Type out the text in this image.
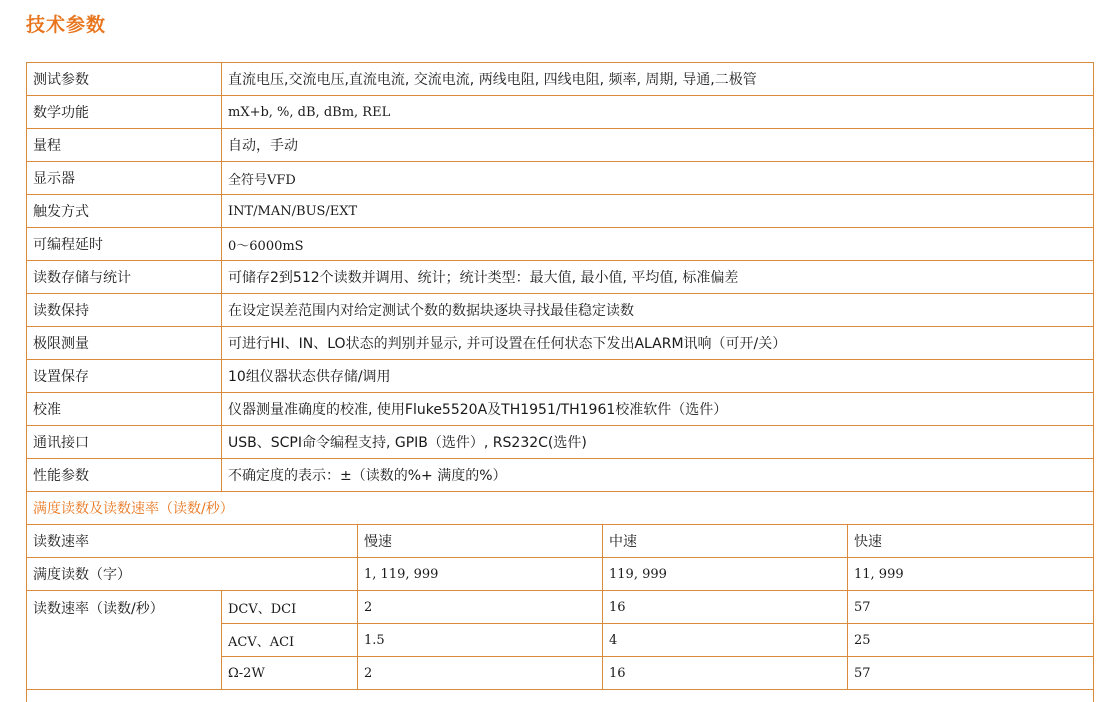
技术参数
测试参数	直流电压,交流电压,直流电流, 交流电流, 两线电阻, 四线电阻, 频率, 周期, 导通,二极管			
数学功能	mX+b, %, dB, dBm, REL			
量程	自动，手动			
显示器	全符号VFD			
触发方式	INT/MAN/BUS/EXT			
可编程延时	0～6000mS			
读数存储与统计	可储存2到512个读数并调用、统计；统计类型：最大值, 最小值, 平均值, 标准偏差			
读数保持	在设定误差范围内对给定测试个数的数据块逐块寻找最佳稳定读数			
极限测量	可进行HI、IN、LO状态的判别并显示, 并可设置在任何状态下发出ALARM讯响（可开/关）			
设置保存	10组仪器状态供存储/调用			
校准	仪器测量准确度的校准, 使用Fluke5520A及TH1951/TH1961校准软件（选件）			
通讯接口	USB、SCPI命令编程支持, GPIB（选件）, RS232C(选件)			
性能参数	不确定度的表示：±（读数的%+ 满度的%）			
满度读数及读数速率（读数/秒）				
读数速率		慢速	中速	快速
满度读数（字）		1, 119, 999	119, 999	11, 999
读数速率（读数/秒）	DCV、DCI	2	16	57
	ACV、ACI	1.5	4	25
	Ω-2W	2	16	57
